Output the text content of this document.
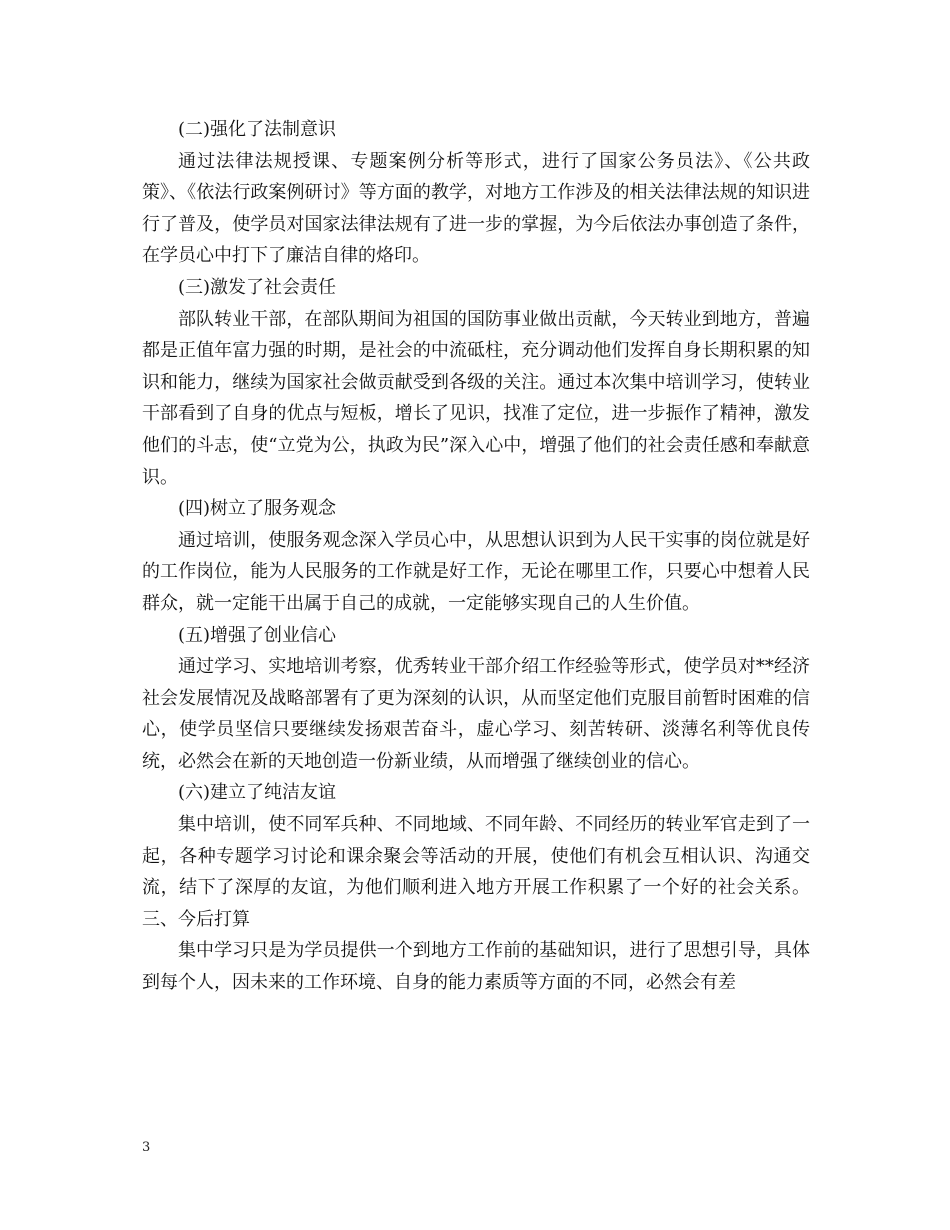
(二)强化了法制意识

通过法律法规授课、专题案例分析等形式，进行了国家公务员法》、《公共政策》、《依法行政案例研讨》等方面的教学，对地方工作涉及的相关法律法规的知识进行了普及，使学员对国家法律法规有了进一步的掌握，为今后依法办事创造了条件，在学员心中打下了廉洁自律的烙印。

(三)激发了社会责任

部队转业干部，在部队期间为祖国的国防事业做出贡献，今天转业到地方，普遍都是正值年富力强的时期，是社会的中流砥柱，充分调动他们发挥自身长期积累的知识和能力，继续为国家社会做贡献受到各级的关注。通过本次集中培训学习，使转业干部看到了自身的优点与短板，增长了见识，找准了定位，进一步振作了精神，激发他们的斗志，使“立党为公，执政为民”深入心中，增强了他们的社会责任感和奉献意识。

(四)树立了服务观念

通过培训，使服务观念深入学员心中，从思想认识到为人民干实事的岗位就是好的工作岗位，能为人民服务的工作就是好工作，无论在哪里工作，只要心中想着人民群众，就一定能干出属于自己的成就，一定能够实现自己的人生价值。

(五)增强了创业信心

通过学习、实地培训考察，优秀转业干部介绍工作经验等形式，使学员对**经济社会发展情况及战略部署有了更为深刻的认识，从而坚定他们克服目前暂时困难的信心，使学员坚信只要继续发扬艰苦奋斗，虚心学习、刻苦转研、淡薄名利等优良传统，必然会在新的天地创造一份新业绩，从而增强了继续创业的信心。

(六)建立了纯洁友谊

集中培训，使不同军兵种、不同地域、不同年龄、不同经历的转业军官走到了一起，各种专题学习讨论和课余聚会等活动的开展，使他们有机会互相认识、沟通交流，结下了深厚的友谊，为他们顺利进入地方开展工作积累了一个好的社会关系。三、今后打算

集中学习只是为学员提供一个到地方工作前的基础知识，进行了思想引导，具体到每个人，因未来的工作环境、自身的能力素质等方面的不同，必然会有差

3
